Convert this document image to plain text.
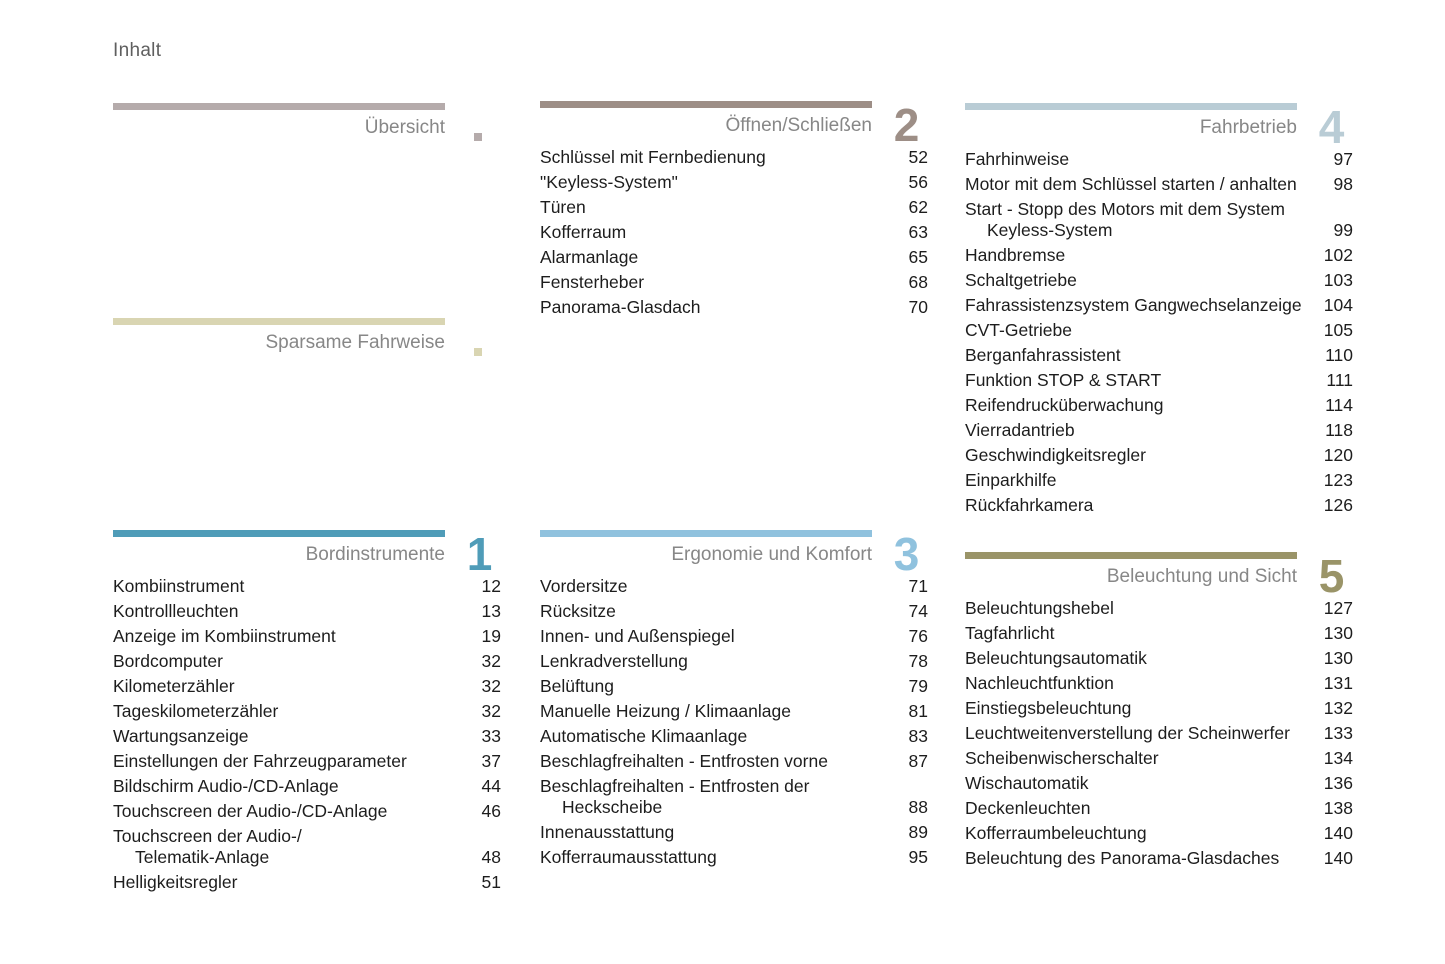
Inhalt
Übersicht	Öffnen/Schließen 2
Schlüssel mit Fernbedienung	52
"Keyless-System"	56
Türen	62
Kofferraum	63
Alarmanlage	65
Fensterheber	68
Panorama-Glasdach	70
Fahrbetrieb 4
Fahrhinweise	97
Motor mit dem Schlüssel starten / anhalten	98
Start - Stopp des Motors mit dem System
Keyless-System	99
Handbremse	102
Schaltgetriebe	103
Fahrassistenzsystem Gangwechselanzeige	104
CVT-Getriebe	105
Berganfahrassistent	110
Funktion STOP & START	111
Reifendrucküberwachung	114
Vierradantrieb	118
Geschwindigkeitsregler	120
Einparkhilfe	123
Rückfahrkamera	126
Sparsame Fahrweise
Bordinstrumente 1
Kombiinstrument	12
Kontrollleuchten	13
Anzeige im Kombiinstrument	19
Bordcomputer	32
Kilometerzähler	32
Tageskilometerzähler	32
Wartungsanzeige	33
Einstellungen der Fahrzeugparameter	37
Bildschirm Audio-/CD-Anlage	44
Touchscreen der Audio-/CD-Anlage	46
Touchscreen der Audio-/
Telematik-Anlage	48
Helligkeitsregler	51
Ergonomie und Komfort 3
Vordersitze	71
Rücksitze	74
Innen- und Außenspiegel	76
Lenkradverstellung	78
Belüftung	79
Manuelle Heizung / Klimaanlage	81
Automatische Klimaanlage	83
Beschlagfreihalten - Entfrosten vorne	87
Beschlagfreihalten - Entfrosten der
Heckscheibe	88
Innenausstattung	89
Kofferraumausstattung	95
Beleuchtung und Sicht 5
Beleuchtungshebel	127
Tagfahrlicht	130
Beleuchtungsautomatik	130
Nachleuchtfunktion	131
Einstiegsbeleuchtung	132
Leuchtweitenverstellung der Scheinwerfer	133
Scheibenwischerschalter	134
Wischautomatik	136
Deckenleuchten	138
Kofferraumbeleuchtung	140
Beleuchtung des Panorama-Glasdaches	140
